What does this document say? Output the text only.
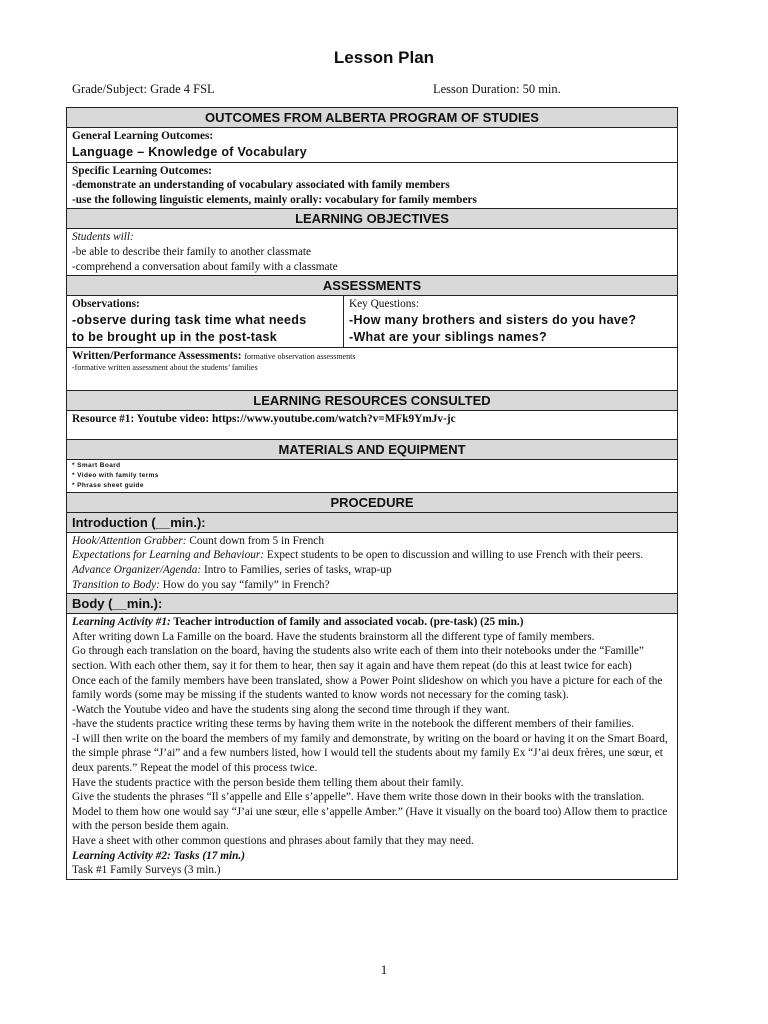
Lesson Plan
Grade/Subject: Grade 4 FSL	Lesson Duration: 50 min.
OUTCOMES FROM ALBERTA PROGRAM OF STUDIES
General Learning Outcomes:
Language – Knowledge of Vocabulary
Specific Learning Outcomes:
-demonstrate an understanding of vocabulary associated with family members
-use the following linguistic elements, mainly orally: vocabulary for family members
LEARNING OBJECTIVES
Students will:
-be able to describe their family to another classmate
-comprehend a conversation about family with a classmate
ASSESSMENTS
Observations:
-observe during task time what needs
to be brought up in the post-task
Key Questions:
-How many brothers and sisters do you have?
-What are your siblings names?
Written/Performance Assessments: formative observation assessments
-formative written assessment about the students’ families
LEARNING RESOURCES CONSULTED
Resource #1: Youtube video: https://www.youtube.com/watch?v=MFk9YmJv-jc
MATERIALS AND EQUIPMENT
* Smart Board
* Video with family terms
* Phrase sheet guide
PROCEDURE
Introduction (__min.):
Hook/Attention Grabber: Count down from 5 in French
Expectations for Learning and Behaviour: Expect students to be open to discussion and willing to use French with their peers.
Advance Organizer/Agenda: Intro to Families, series of tasks, wrap-up
Transition to Body: How do you say “family” in French?
Body (__min.):
Learning Activity #1: Teacher introduction of family and associated vocab. (pre-task) (25 min.)
After writing down La Famille on the board. Have the students brainstorm all the different type of family members.
Go through each translation on the board, having the students also write each of them into their notebooks under the “Famille” section. With each other them, say it for them to hear, then say it again and have them repeat (do this at least twice for each)
Once each of the family members have been translated, show a Power Point slideshow on which you have a picture for each of the family words (some may be missing if the students wanted to know words not necessary for the coming task).
-Watch the Youtube video and have the students sing along the second time through if they want.
-have the students practice writing these terms by having them write in the notebook the different members of their families.
-I will then write on the board the members of my family and demonstrate, by writing on the board or having it on the Smart Board, the simple phrase “J’ai” and a few numbers listed, how I would tell the students about my family Ex “J’ai deux frères, une sœur, et deux parents.” Repeat the model of this process twice.
Have the students practice with the person beside them telling them about their family.
Give the students the phrases “Il s’appelle and Elle s’appelle”. Have them write those down in their books with the translation.
Model to them how one would say “J’ai une sœur, elle s’appelle Amber.” (Have it visually on the board too) Allow them to practice with the person beside them again.
Have a sheet with other common questions and phrases about family that they may need.
Learning Activity #2: Tasks (17 min.)
Task #1 Family Surveys (3 min.)
1
